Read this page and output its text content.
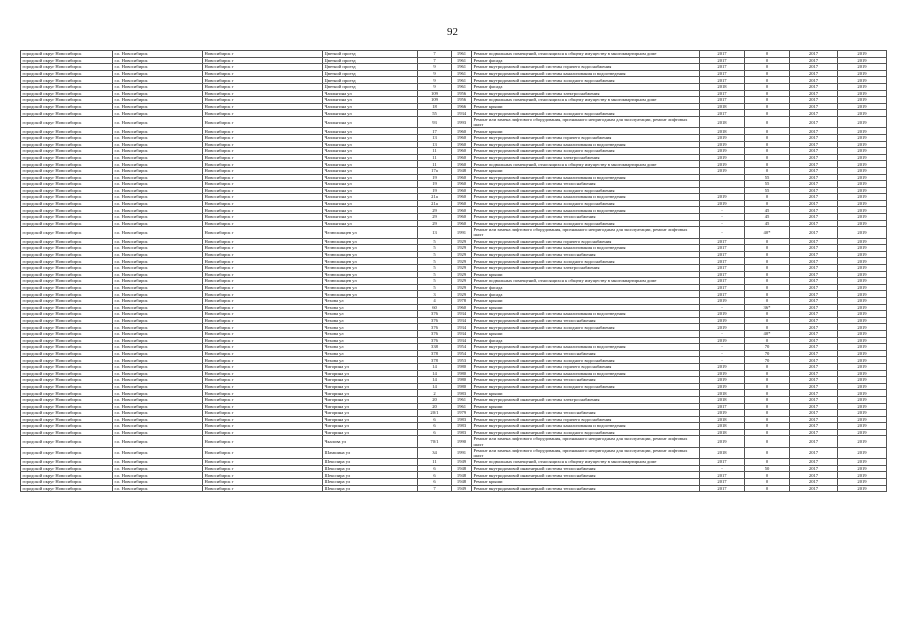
92
городской округ Новосибирск	г.о. Новосибирск	Новосибирск г	Цветной проезд	7	1961	Ремонт подвальных помещений, относящихся к общему имуществу в многоквартирном доме	2017	0	2017	2019
городской округ Новосибирск	г.о. Новосибирск	Новосибирск г	Цветной проезд	7	1961	Ремонт фасада	2017	0	2017	2019
городской округ Новосибирск	г.о. Новосибирск	Новосибирск г	Цветной проезд	9	1961	Ремонт внутридомовой инженерной системы горячего водоснабжения	2017	0	2017	2019
городской округ Новосибирск	г.о. Новосибирск	Новосибирск г	Цветной проезд	9	1961	Ремонт внутридомовой инженерной системы канализования и водоотведения	2017	0	2017	2019
городской округ Новосибирск	г.о. Новосибирск	Новосибирск г	Цветной проезд	9	1961	Ремонт внутридомовой инженерной системы холодного водоснабжения	2017	0	2017	2019
городской округ Новосибирск	г.о. Новосибирск	Новосибирск г	Цветной проезд	9	1961	Ремонт фасада	2018	0	2017	2019
городской округ Новосибирск	г.о. Новосибирск	Новосибирск г	Чаплыгина ул	109	1956	Ремонт внутридомовой инженерной системы электроснабжения	2017	0	2017	2019
городской округ Новосибирск	г.о. Новосибирск	Новосибирск г	Чаплыгина ул	109	1956	Ремонт подвальных помещений, относящихся к общему имуществу в многоквартирном доме	2017	0	2017	2019
городской округ Новосибирск	г.о. Новосибирск	Новосибирск г	Чаплыгина ул	18	1966	Ремонт крыши	2018	0	2017	2019
городской округ Новосибирск	г.о. Новосибирск	Новосибирск г	Чаплыгина ул	55	1934	Ремонт внутридомовой инженерной системы холодного водоснабжения	2017	0	2017	2019
городской округ Новосибирск	г.о. Новосибирск	Новосибирск г	Чаплыгина ул	93	1993	Ремонт или замена лифтового оборудования, признанного непригодным для эксплуатации, ремонт лифтовых шахт	2018	0	2017	2019
городской округ Новосибирск	г.о. Новосибирск	Новосибирск г	Чаплыгина ул	17	1960	Ремонт крыши	2018	0	2017	2019
городской округ Новосибирск	г.о. Новосибирск	Новосибирск г	Чаплыгина ул	13	1960	Ремонт внутридомовой инженерной системы горячего водоснабжения	2019	0	2017	2019
городской округ Новосибирск	г.о. Новосибирск	Новосибирск г	Чаплыгина ул	13	1960	Ремонт внутридомовой инженерной системы канализования и водоотведения	2019	0	2017	2019
городской округ Новосибирск	г.о. Новосибирск	Новосибирск г	Чаплыгина ул	11	1960	Ремонт внутридомовой инженерной системы холодного водоснабжения	2019	0	2017	2019
городской округ Новосибирск	г.о. Новосибирск	Новосибирск г	Чаплыгина ул	11	1960	Ремонт внутридомовой инженерной системы электроснабжения	2019	0	2017	2019
городской округ Новосибирск	г.о. Новосибирск	Новосибирск г	Чаплыгина ул	11	1960	Ремонт подвальных помещений, относящихся к общему имуществу в многоквартирном доме	2019	0	2017	2019
городской округ Новосибирск	г.о. Новосибирск	Новосибирск г	Чаплыгина ул	17а	1948	Ремонт крыши	2019	0	2017	2019
городской округ Новосибирск	г.о. Новосибирск	Новосибирск г	Чаплыгина ул	19	1960	Ремонт внутридомовой инженерной системы канализования и водоотведения		55	2017	2019
городской округ Новосибирск	г.о. Новосибирск	Новосибирск г	Чаплыгина ул	19	1960	Ремонт внутридомовой инженерной системы теплоснабжения		55	2017	2019
городской округ Новосибирск	г.о. Новосибирск	Новосибирск г	Чаплыгина ул	19	1960	Ремонт внутридомовой инженерной системы холодного водоснабжения		55	2017	2019
городской округ Новосибирск	г.о. Новосибирск	Новосибирск г	Чаплыгина ул	21а	1960	Ремонт внутридомовой инженерной системы канализования и водоотведения	2019	0	2017	2019
городской округ Новосибирск	г.о. Новосибирск	Новосибирск г	Чаплыгина ул	21а	1960	Ремонт внутридомовой инженерной системы холодного водоснабжения	2019	0	2017	2019
городской округ Новосибирск	г.о. Новосибирск	Новосибирск г	Чаплыгина ул	29	1960	Ремонт внутридомовой инженерной системы канализования и водоотведения	-	45	2017	2019
городской округ Новосибирск	г.о. Новосибирск	Новосибирск г	Чаплыгина ул	29	1960	Ремонт внутридомовой инженерной системы теплоснабжения	-	45	2017	2019
городской округ Новосибирск	г.о. Новосибирск	Новосибирск г	Чаплыгина ул	29	1960	Ремонт внутридомовой инженерной системы холодного водоснабжения	-	45	2017	2019
городской округ Новосибирск	г.о. Новосибирск	Новосибирск г	Челюскинцев ул	13	1991	Ремонт или замена лифтового оборудования, признанного непригодным для эксплуатации, ремонт лифтовых шахт	-	40*	2017	2019
городской округ Новосибирск	г.о. Новосибирск	Новосибирск г	Челюскинцев ул	5	1929	Ремонт внутридомовой инженерной системы горячего водоснабжения	2017	0	2017	2019
городской округ Новосибирск	г.о. Новосибирск	Новосибирск г	Челюскинцев ул	5	1929	Ремонт внутридомовой инженерной системы канализования и водоотведения	2017	0	2017	2019
городской округ Новосибирск	г.о. Новосибирск	Новосибирск г	Челюскинцев ул	5	1929	Ремонт внутридомовой инженерной системы теплоснабжения	2017	0	2017	2019
городской округ Новосибирск	г.о. Новосибирск	Новосибирск г	Челюскинцев ул	5	1929	Ремонт внутридомовой инженерной системы холодного водоснабжения	2017	0	2017	2019
городской округ Новосибирск	г.о. Новосибирск	Новосибирск г	Челюскинцев ул	5	1929	Ремонт внутридомовой инженерной системы электроснабжения	2017	0	2017	2019
городской округ Новосибирск	г.о. Новосибирск	Новосибирск г	Челюскинцев ул	5	1929	Ремонт крыши	2017	0	2017	2019
городской округ Новосибирск	г.о. Новосибирск	Новосибирск г	Челюскинцев ул	5	1929	Ремонт подвальных помещений, относящихся к общему имуществу в многоквартирном доме	2017	0	2017	2019
городской округ Новосибирск	г.о. Новосибирск	Новосибирск г	Челюскинцев ул	5	1929	Ремонт фасада	2017	0	2017	2019
городской округ Новосибирск	г.о. Новосибирск	Новосибирск г	Челюскинцев ул	3	1929	Ремонт фасада	2017	0	2017	2019
городской округ Новосибирск	г.о. Новосибирск	Новосибирск г	Чехова ул	4	1978	Ремонт крыши	2019	0	2017	2019
городской округ Новосибирск	г.о. Новосибирск	Новосибирск г	Чехова ул	60	1960	Ремонт крыши	-	36*	2017	2019
городской округ Новосибирск	г.о. Новосибирск	Новосибирск г	Чехова ул	376	1934	Ремонт внутридомовой инженерной системы канализования и водоотведения	2019	0	2017	2019
городской округ Новосибирск	г.о. Новосибирск	Новосибирск г	Чехова ул	376	1934	Ремонт внутридомовой инженерной системы теплоснабжения	2019	0	2017	2019
городской округ Новосибирск	г.о. Новосибирск	Новосибирск г	Чехова ул	376	1934	Ремонт внутридомовой инженерной системы холодного водоснабжения	2019	0	2017	2019
городской округ Новосибирск	г.о. Новосибирск	Новосибирск г	Чехова ул	376	1934	Ремонт крыши	-	40*	2017	2019
городской округ Новосибирск	г.о. Новосибирск	Новосибирск г	Чехова ул	376	1934	Ремонт фасада	2019	0	2017	2019
городской округ Новосибирск	г.о. Новосибирск	Новосибирск г	Чехова ул	338	1954	Ремонт внутридомовой инженерной системы канализования и водоотведения	-	70	2017	2019
городской округ Новосибирск	г.о. Новосибирск	Новосибирск г	Чехова ул	378	1954	Ремонт внутридомовой инженерной системы теплоснабжения	-	70	2017	2019
городской округ Новосибирск	г.о. Новосибирск	Новосибирск г	Чехова ул	378	1953	Ремонт внутридомовой инженерной системы холодного водоснабжения	-	70	2017	2019
городской округ Новосибирск	г.о. Новосибирск	Новосибирск г	Чигорина ул	14	1980	Ремонт внутридомовой инженерной системы горячего водоснабжения	2019	0	2017	2019
городской округ Новосибирск	г.о. Новосибирск	Новосибирск г	Чигорина ул	14	1980	Ремонт внутридомовой инженерной системы канализования и водоотведения	2019	0	2017	2019
городской округ Новосибирск	г.о. Новосибирск	Новосибирск г	Чигорина ул	14	1980	Ремонт внутридомовой инженерной системы теплоснабжения	2019	0	2017	2019
городской округ Новосибирск	г.о. Новосибирск	Новосибирск г	Чигорина ул	14	1980	Ремонт внутридомовой инженерной системы холодного водоснабжения	2019	0	2017	2019
городской округ Новосибирск	г.о. Новосибирск	Новосибирск г	Чигорина ул	2	1983	Ремонт крыши	2018	0	2017	2019
городской округ Новосибирск	г.о. Новосибирск	Новосибирск г	Чигорина ул	20	1961	Ремонт внутридомовой инженерной системы электроснабжения	2018	0	2017	2019
городской округ Новосибирск	г.о. Новосибирск	Новосибирск г	Чигорина ул	20	1961	Ремонт крыши	2017	0	2017	2019
городской округ Новосибирск	г.о. Новосибирск	Новосибирск г	Чигорина ул	20/1	1979	Ремонт внутридомовой инженерной системы теплоснабжения	2019	0	2017	2019
городской округ Новосибирск	г.о. Новосибирск	Новосибирск г	Чигорина ул	6	1983	Ремонт внутридомовой инженерной системы горячего водоснабжения	2018	0	2017	2019
городской округ Новосибирск	г.о. Новосибирск	Новосибирск г	Чигорина ул	6	1983	Ремонт внутридомовой инженерной системы канализования и водоотведения	2018	0	2017	2019
городской округ Новосибирск	г.о. Новосибирск	Новосибирск г	Чигорина ул	6	1983	Ремонт внутридомовой инженерной системы холодного водоснабжения	2018	0	2017	2019
городской округ Новосибирск	г.о. Новосибирск	Новосибирск г	Чкалова ул	70/1	1990	Ремонт или замена лифтового оборудования, признанного непригодным для эксплуатации, ремонт лифтовых шахт	2019	0	2017	2019
городской округ Новосибирск	г.о. Новосибирск	Новосибирск г	Шамшина ул	34	1991	Ремонт или замена лифтового оборудования, признанного непригодным для эксплуатации, ремонт лифтовых шахт	2018	0	2017	2019
городской округ Новосибирск	г.о. Новосибирск	Новосибирск г	Шекспира ул	11	1949	Ремонт подвальных помещений, относящихся к общему имуществу в многоквартирном доме	2017	0	2017	2019
городской округ Новосибирск	г.о. Новосибирск	Новосибирск г	Шекспира ул	6	1948	Ремонт внутридомовой инженерной системы теплоснабжения	-	50	2017	2019
городской округ Новосибирск	г.о. Новосибирск	Новосибирск г	Шекспира ул	6	1948	Ремонт внутридомовой инженерной системы теплоснабжения	2017	0	2017	2019
городской округ Новосибирск	г.о. Новосибирск	Новосибирск г	Шекспира ул	6	1948	Ремонт крыши	2017	0	2017	2019
городской округ Новосибирск	г.о. Новосибирск	Новосибирск г	Шекспира ул	7	1949	Ремонт внутридомовой инженерной системы теплоснабжения	2017	0	2017	2019
